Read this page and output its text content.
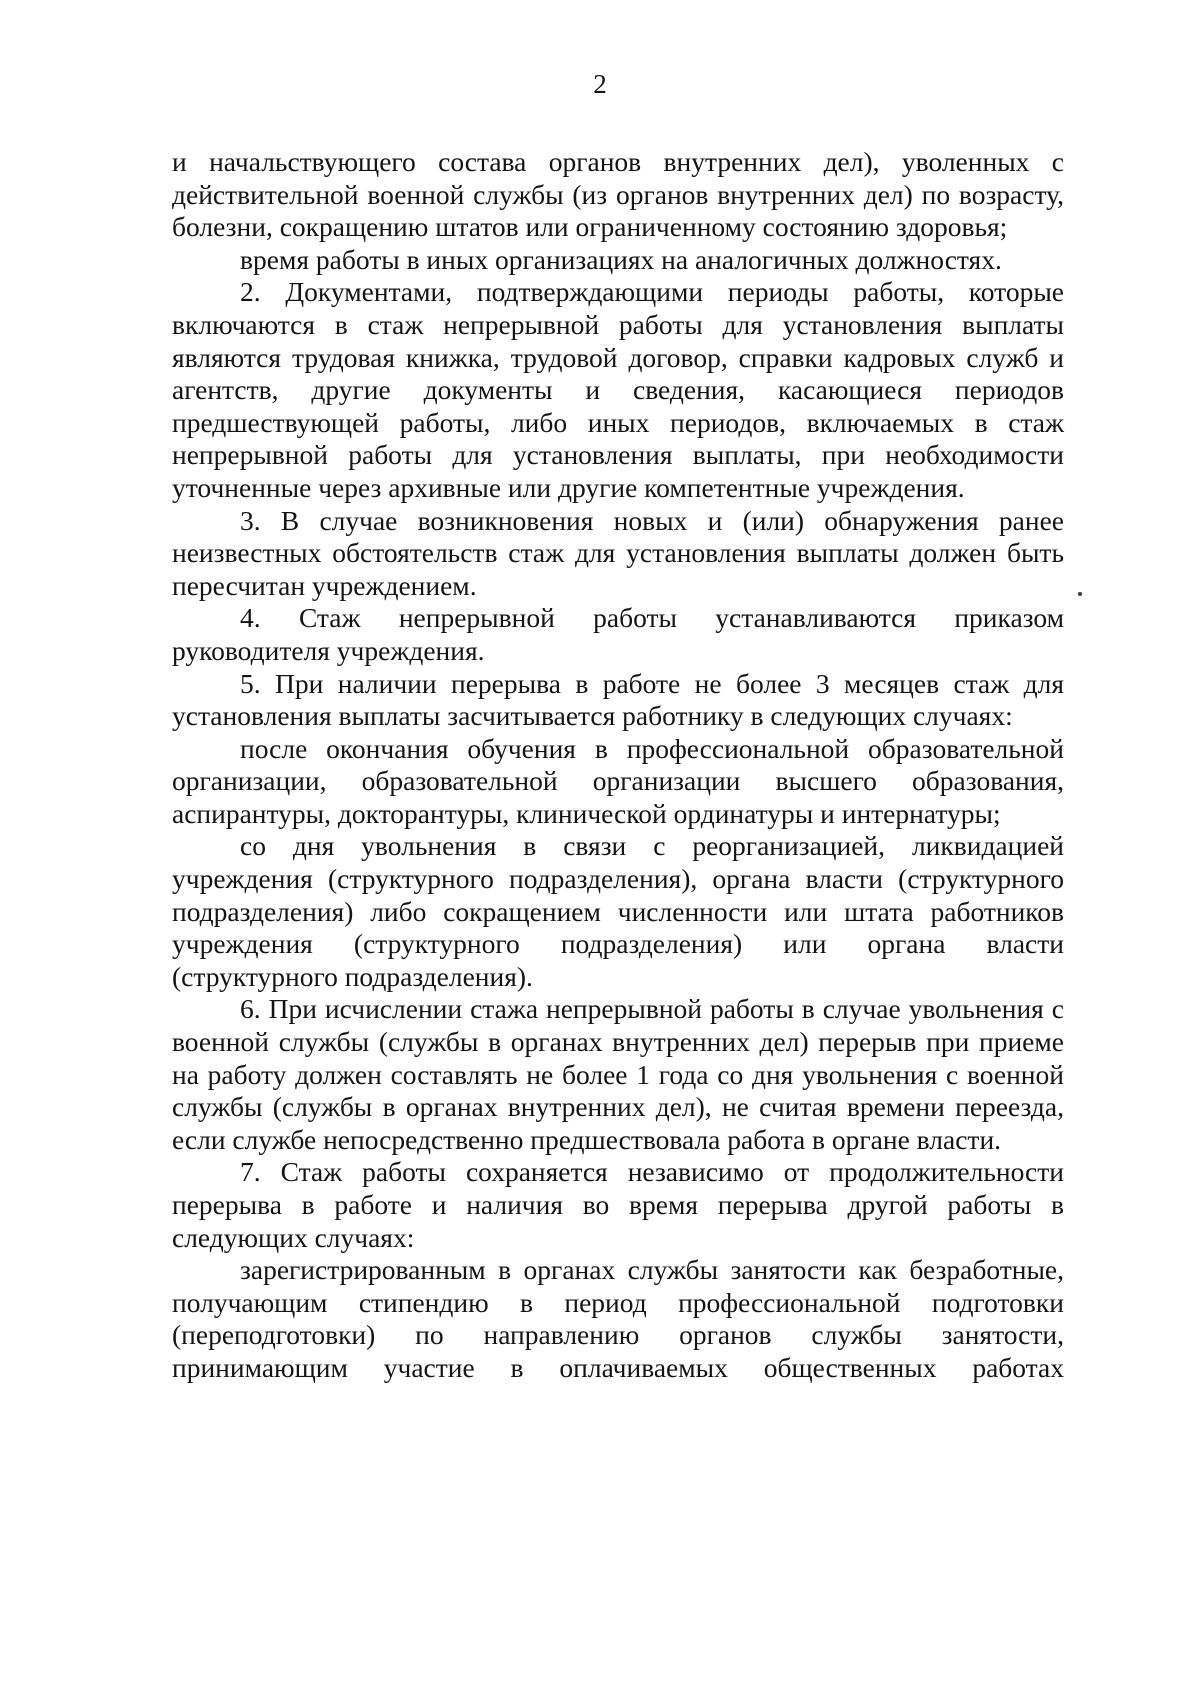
2

и начальствующего состава органов внутренних дел), уволенных с действительной военной службы (из органов внутренних дел) по возрасту, болезни, сокращению штатов или ограниченному состоянию здоровья;

время работы в иных организациях на аналогичных должностях.

2. Документами, подтверждающими периоды работы, которые включаются в стаж непрерывной работы для установления выплаты являются трудовая книжка, трудовой договор, справки кадровых служб и агентств, другие документы и сведения, касающиеся периодов предшествующей работы, либо иных периодов, включаемых в стаж непрерывной работы для установления выплаты, при необходимости уточненные через архивные или другие компетентные учреждения.

3. В случае возникновения новых и (или) обнаружения ранее неизвестных обстоятельств стаж для установления выплаты должен быть пересчитан учреждением.

4. Стаж непрерывной работы устанавливаются приказом руководителя учреждения.

5. При наличии перерыва в работе не более 3 месяцев стаж для установления выплаты засчитывается работнику в следующих случаях:

после окончания обучения в профессиональной образовательной организации, образовательной организации высшего образования, аспирантуры, докторантуры, клинической ординатуры и интернатуры;

со дня увольнения в связи с реорганизацией, ликвидацией учреждения (структурного подразделения), органа власти (структурного подразделения) либо сокращением численности или штата работников учреждения (структурного подразделения) или органа власти (структурного подразделения).

6. При исчислении стажа непрерывной работы в случае увольнения с военной службы (службы в органах внутренних дел) перерыв при приеме на работу должен составлять не более 1 года со дня увольнения с военной службы (службы в органах внутренних дел), не считая времени переезда, если службе непосредственно предшествовала работа в органе власти.

7. Стаж работы сохраняется независимо от продолжительности перерыва в работе и наличия во время перерыва другой работы в следующих случаях:

зарегистрированным в органах службы занятости как безработные, получающим стипендию в период профессиональной подготовки (переподготовки) по направлению органов службы занятости, принимающим участие в оплачиваемых общественных работах
